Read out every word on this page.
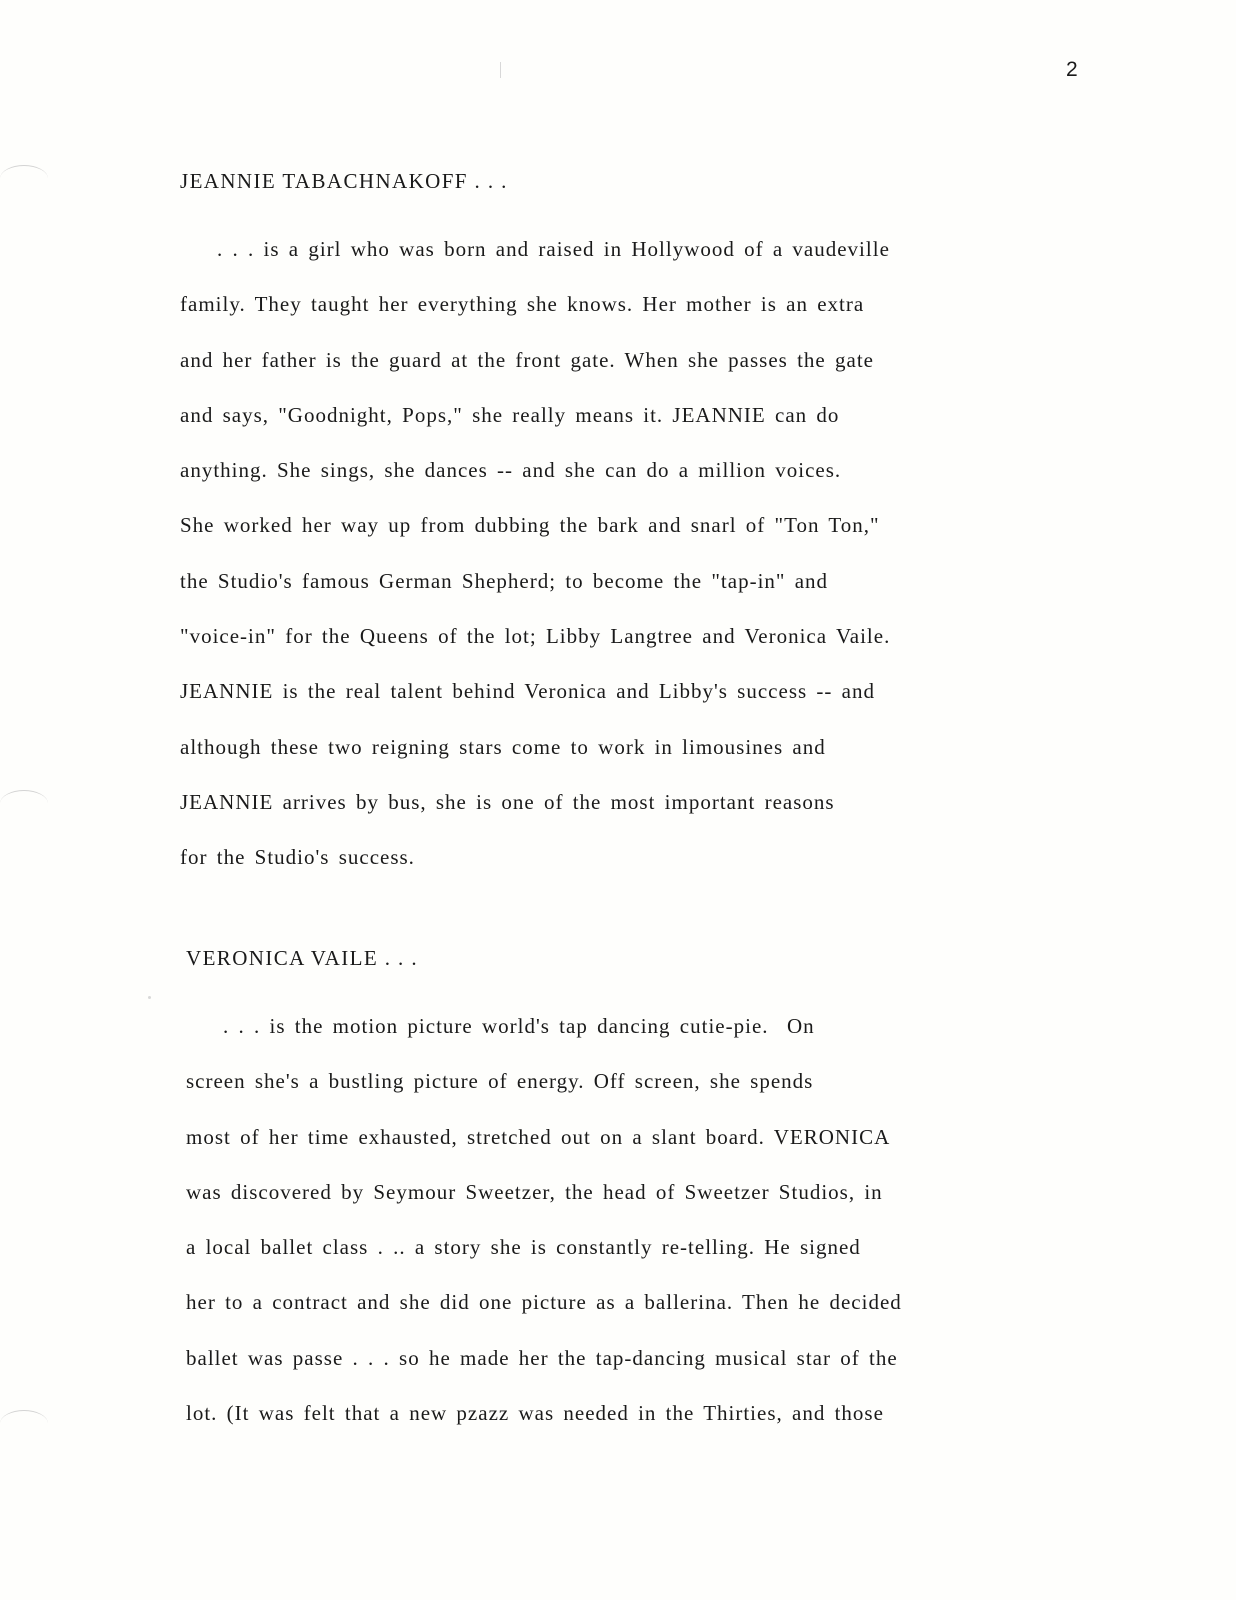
2
JEANNIE TABACHNAKOFF . . .
. . . is a girl who was born and raised in Hollywood of a vaudeville
family. They taught her everything she knows. Her mother is an extra
and her father is the guard at the front gate. When she passes the gate
and says, "Goodnight, Pops," she really means it. JEANNIE can do
anything. She sings, she dances -- and she can do a million voices.
She worked her way up from dubbing the bark and snarl of "Ton Ton,"
the Studio's famous German Shepherd; to become the "tap-in" and
"voice-in" for the Queens of the lot; Libby Langtree and Veronica Vaile.
JEANNIE is the real talent behind Veronica and Libby's success -- and
although these two reigning stars come to work in limousines and
JEANNIE arrives by bus, she is one of the most important reasons
for the Studio's success.
VERONICA VAILE . . .
. . . is the motion picture world's tap dancing cutie-pie.  On
screen she's a bustling picture of energy. Off screen, she spends
most of her time exhausted, stretched out on a slant board. VERONICA
was discovered by Seymour Sweetzer, the head of Sweetzer Studios, in
a local ballet class . .. a story she is constantly re-telling. He signed
her to a contract and she did one picture as a ballerina. Then he decided
ballet was passe . . . so he made her the tap-dancing musical star of the
lot. (It was felt that a new pzazz was needed in the Thirties, and those
